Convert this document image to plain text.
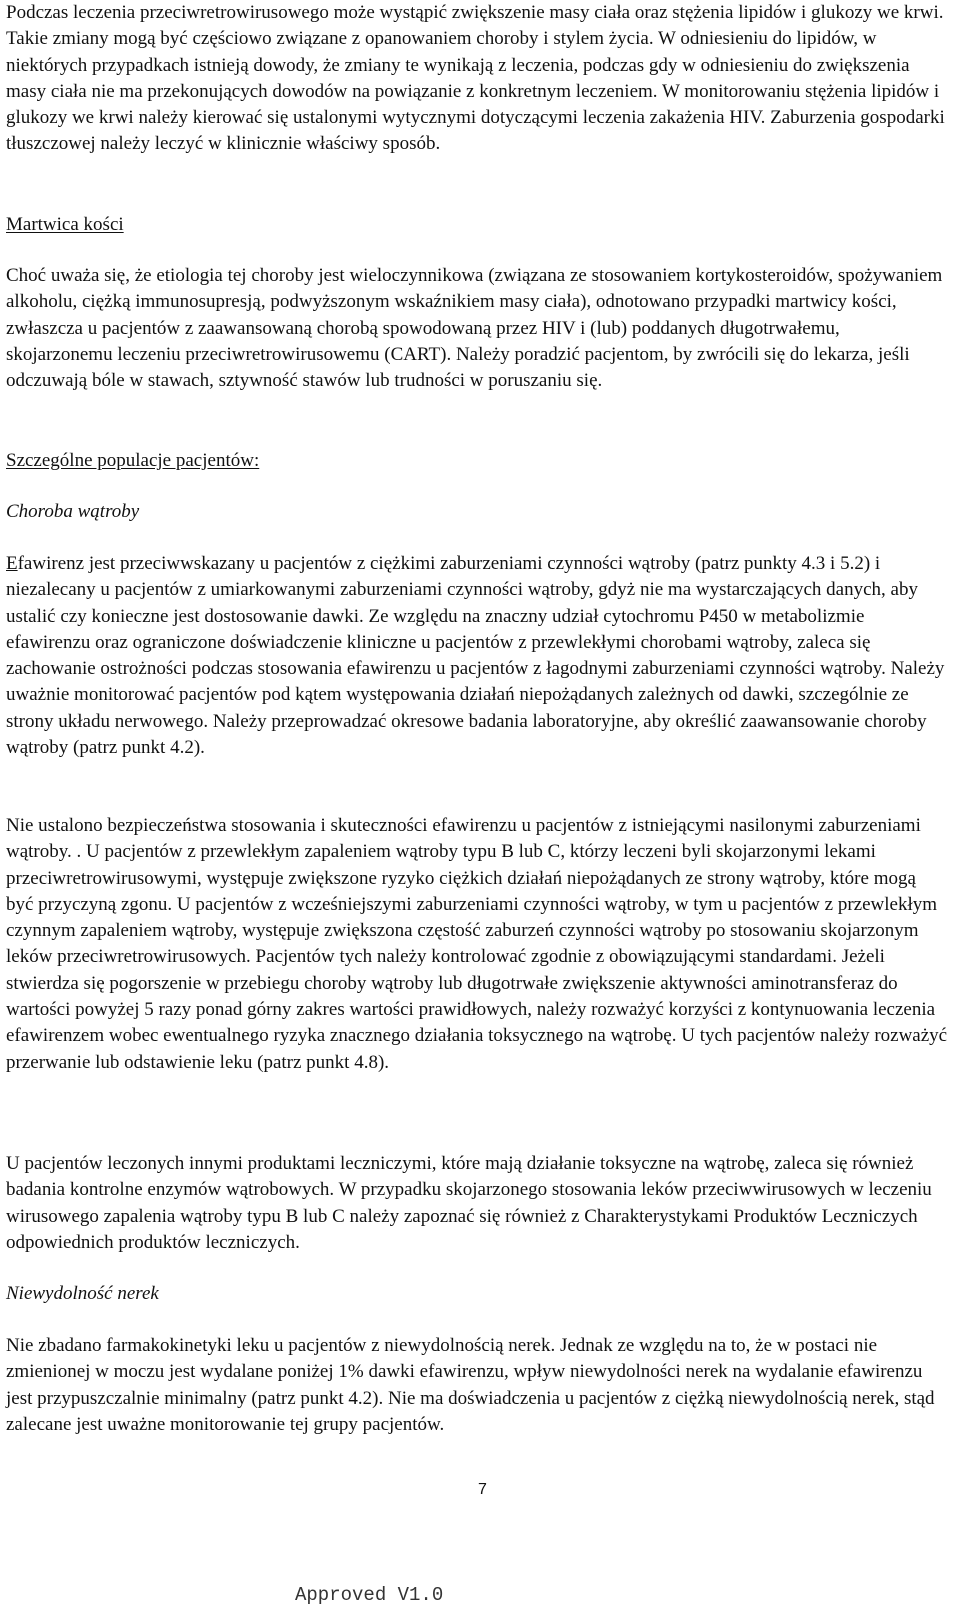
Podczas leczenia przeciwretrowirusowego może wystąpić zwiększenie masy ciała oraz stężenia lipidów i glukozy we krwi. Takie zmiany mogą być częściowo związane z opanowaniem choroby i stylem życia. W odniesieniu do lipidów, w niektórych przypadkach istnieją dowody, że zmiany te wynikają z leczenia, podczas gdy w odniesieniu do zwiększenia masy ciała nie ma przekonujących dowodów na powiązanie z konkretnym leczeniem. W monitorowaniu stężenia lipidów i glukozy we krwi należy kierować się ustalonymi wytycznymi dotyczącymi leczenia zakażenia HIV. Zaburzenia gospodarki tłuszczowej należy leczyć w klinicznie właściwy sposób.

Martwica kości

Choć uważa się, że etiologia tej choroby jest wieloczynnikowa (związana ze stosowaniem kortykosteroidów, spożywaniem alkoholu, ciężką immunosupresją, podwyższonym wskaźnikiem masy ciała), odnotowano przypadki martwicy kości, zwłaszcza u pacjentów z zaawansowaną chorobą spowodowaną przez HIV i (lub) poddanych długotrwałemu, skojarzonemu leczeniu przeciwretrowirusowemu (CART). Należy poradzić pacjentom, by zwrócili się do lekarza, jeśli odczuwają bóle w stawach, sztywność stawów lub trudności w poruszaniu się.

Szczególne populacje pacjentów:

Choroba wątroby

Efawirenz jest przeciwwskazany u pacjentów z ciężkimi zaburzeniami czynności wątroby (patrz punkty 4.3 i 5.2) i niezalecany u pacjentów z umiarkowanymi zaburzeniami czynności wątroby, gdyż nie ma wystarczających danych, aby ustalić czy konieczne jest dostosowanie dawki. Ze względu na znaczny udział cytochromu P450 w metabolizmie efawirenzu oraz ograniczone doświadczenie kliniczne u pacjentów z przewlekłymi chorobami wątroby, zaleca się zachowanie ostrożności podczas stosowania efawirenzu u pacjentów z łagodnymi zaburzeniami czynności wątroby. Należy uważnie monitorować pacjentów pod kątem występowania działań niepożądanych zależnych od dawki, szczególnie ze strony układu nerwowego. Należy przeprowadzać okresowe badania laboratoryjne, aby określić zaawansowanie choroby wątroby (patrz punkt 4.2).

Nie ustalono bezpieczeństwa stosowania i skuteczności efawirenzu u pacjentów z istniejącymi nasilonymi zaburzeniami wątroby. . U pacjentów z przewlekłym zapaleniem wątroby typu B lub C, którzy leczeni byli skojarzonymi lekami przeciwretrowirusowymi, występuje zwiększone ryzyko ciężkich działań niepożądanych ze strony wątroby, które mogą być przyczyną zgonu. U pacjentów z wcześniejszymi zaburzeniami czynności wątroby, w tym u pacjentów z przewlekłym czynnym zapaleniem wątroby, występuje zwiększona częstość zaburzeń czynności wątroby po stosowaniu skojarzonym leków przeciwretrowirusowych. Pacjentów tych należy kontrolować zgodnie z obowiązującymi standardami. Jeżeli stwierdza się pogorszenie w przebiegu choroby wątroby lub długotrwałe zwiększenie aktywności aminotransferaz do wartości powyżej 5 razy ponad górny zakres wartości prawidłowych, należy rozważyć korzyści z kontynuowania leczenia efawirenzem wobec ewentualnego ryzyka znacznego działania toksycznego na wątrobę. U tych pacjentów należy rozważyć przerwanie lub odstawienie leku (patrz punkt 4.8).

U pacjentów leczonych innymi produktami leczniczymi, które mają działanie toksyczne na wątrobę, zaleca się również badania kontrolne enzymów wątrobowych. W przypadku skojarzonego stosowania leków przeciwwirusowych w leczeniu wirusowego zapalenia wątroby typu B lub C należy zapoznać się również z Charakterystykami Produktów Leczniczych odpowiednich produktów leczniczych.

Niewydolność nerek

Nie zbadano farmakokinetyki leku u pacjentów z niewydolnością nerek. Jednak ze względu na to, że w postaci nie zmienionej w moczu jest wydalane poniżej 1% dawki efawirenzu, wpływ niewydolności nerek na wydalanie efawirenzu jest przypuszczalnie minimalny (patrz punkt 4.2). Nie ma doświadczenia u pacjentów z ciężką niewydolnością nerek, stąd zalecane jest uważne monitorowanie tej grupy pacjentów.

7
Approved V1.0
